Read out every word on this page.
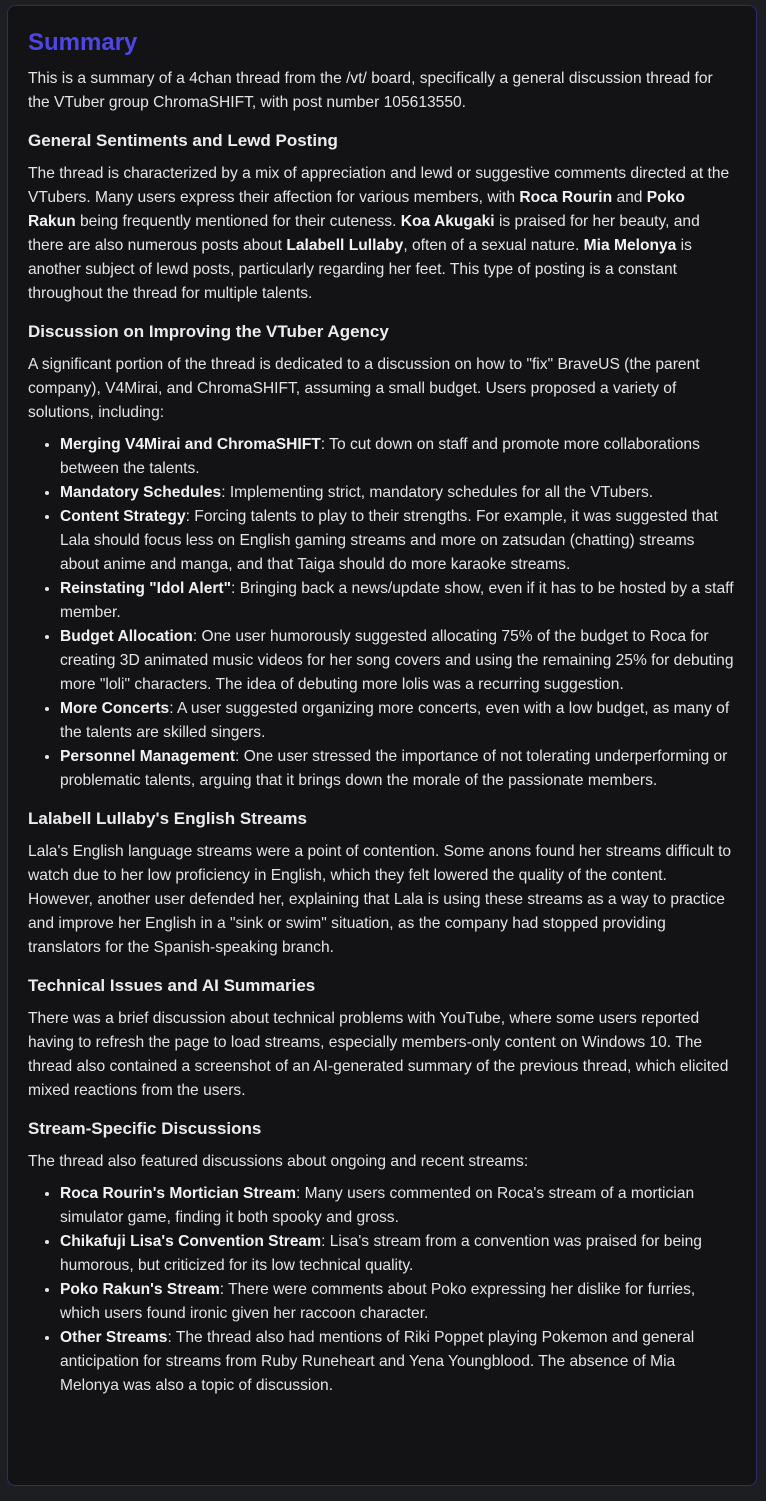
Summary

This is a summary of a 4chan thread from the /vt/ board, specifically a general discussion thread for the VTuber group ChromaSHIFT, with post number 105613550.

General Sentiments and Lewd Posting

The thread is characterized by a mix of appreciation and lewd or suggestive comments directed at the VTubers. Many users express their affection for various members, with Roca Rourin and Poko Rakun being frequently mentioned for their cuteness. Koa Akugaki is praised for her beauty, and there are also numerous posts about Lalabell Lullaby, often of a sexual nature. Mia Melonya is another subject of lewd posts, particularly regarding her feet. This type of posting is a constant throughout the thread for multiple talents.

Discussion on Improving the VTuber Agency

A significant portion of the thread is dedicated to a discussion on how to "fix" BraveUS (the parent company), V4Mirai, and ChromaSHIFT, assuming a small budget. Users proposed a variety of solutions, including:

• Merging V4Mirai and ChromaSHIFT: To cut down on staff and promote more collaborations between the talents.
• Mandatory Schedules: Implementing strict, mandatory schedules for all the VTubers.
• Content Strategy: Forcing talents to play to their strengths. For example, it was suggested that Lala should focus less on English gaming streams and more on zatsudan (chatting) streams about anime and manga, and that Taiga should do more karaoke streams.
• Reinstating "Idol Alert": Bringing back a news/update show, even if it has to be hosted by a staff member.
• Budget Allocation: One user humorously suggested allocating 75% of the budget to Roca for creating 3D animated music videos for her song covers and using the remaining 25% for debuting more "loli" characters. The idea of debuting more lolis was a recurring suggestion.
• More Concerts: A user suggested organizing more concerts, even with a low budget, as many of the talents are skilled singers.
• Personnel Management: One user stressed the importance of not tolerating underperforming or problematic talents, arguing that it brings down the morale of the passionate members.
Lalabell Lullaby's English Streams

Lala's English language streams were a point of contention. Some anons found her streams difficult to watch due to her low proficiency in English, which they felt lowered the quality of the content. However, another user defended her, explaining that Lala is using these streams as a way to practice and improve her English in a "sink or swim" situation, as the company had stopped providing translators for the Spanish-speaking branch.

Technical Issues and AI Summaries

There was a brief discussion about technical problems with YouTube, where some users reported having to refresh the page to load streams, especially members-only content on Windows 10. The thread also contained a screenshot of an AI-generated summary of the previous thread, which elicited mixed reactions from the users.

Stream-Specific Discussions

The thread also featured discussions about ongoing and recent streams:

• Roca Rourin's Mortician Stream: Many users commented on Roca's stream of a mortician simulator game, finding it both spooky and gross.
• Chikafuji Lisa's Convention Stream: Lisa's stream from a convention was praised for being humorous, but criticized for its low technical quality.
• Poko Rakun's Stream: There were comments about Poko expressing her dislike for furries, which users found ironic given her raccoon character.
• Other Streams: The thread also had mentions of Riki Poppet playing Pokemon and general anticipation for streams from Ruby Runeheart and Yena Youngblood. The absence of Mia Melonya was also a topic of discussion.
